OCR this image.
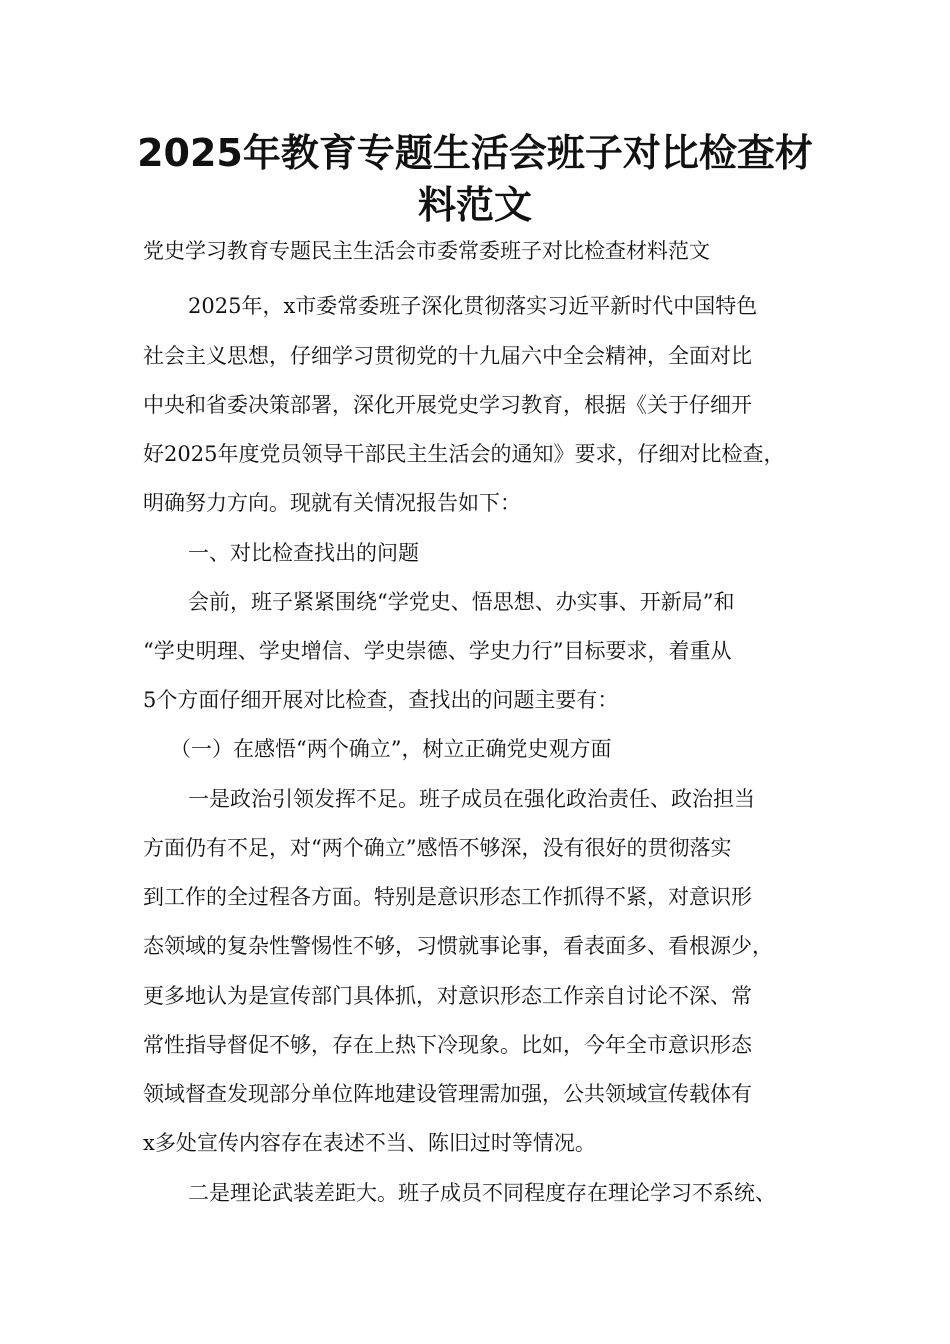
2025年教育专题生活会班子对比检查材
料范文

党史学习教育专题民主生活会市委常委班子对比检查材料范文

2025年，x市委常委班子深化贯彻落实习近平新时代中国特色

社会主义思想，仔细学习贯彻党的十九届六中全会精神，全面对比

中央和省委决策部署，深化开展党史学习教育，根据《关于仔细开

好2025年度党员领导干部民主生活会的通知》要求，仔细对比检查，

明确努力方向。现就有关情况报告如下：

一、对比检查找出的问题

会前，班子紧紧围绕“学党史、悟思想、办实事、开新局”和

“学史明理、学史增信、学史崇德、学史力行”目标要求，着重从

5个方面仔细开展对比检查，查找出的问题主要有：

（一）在感悟“两个确立”，树立正确党史观方面

一是政治引领发挥不足。班子成员在强化政治责任、政治担当

方面仍有不足，对“两个确立”感悟不够深，没有很好的贯彻落实

到工作的全过程各方面。特别是意识形态工作抓得不紧，对意识形

态领域的复杂性警惕性不够，习惯就事论事，看表面多、看根源少，

更多地认为是宣传部门具体抓，对意识形态工作亲自讨论不深、常

常性指导督促不够，存在上热下冷现象。比如，今年全市意识形态

领域督查发现部分单位阵地建设管理需加强，公共领域宣传载体有

x多处宣传内容存在表述不当、陈旧过时等情况。

二是理论武装差距大。班子成员不同程度存在理论学习不系统、
